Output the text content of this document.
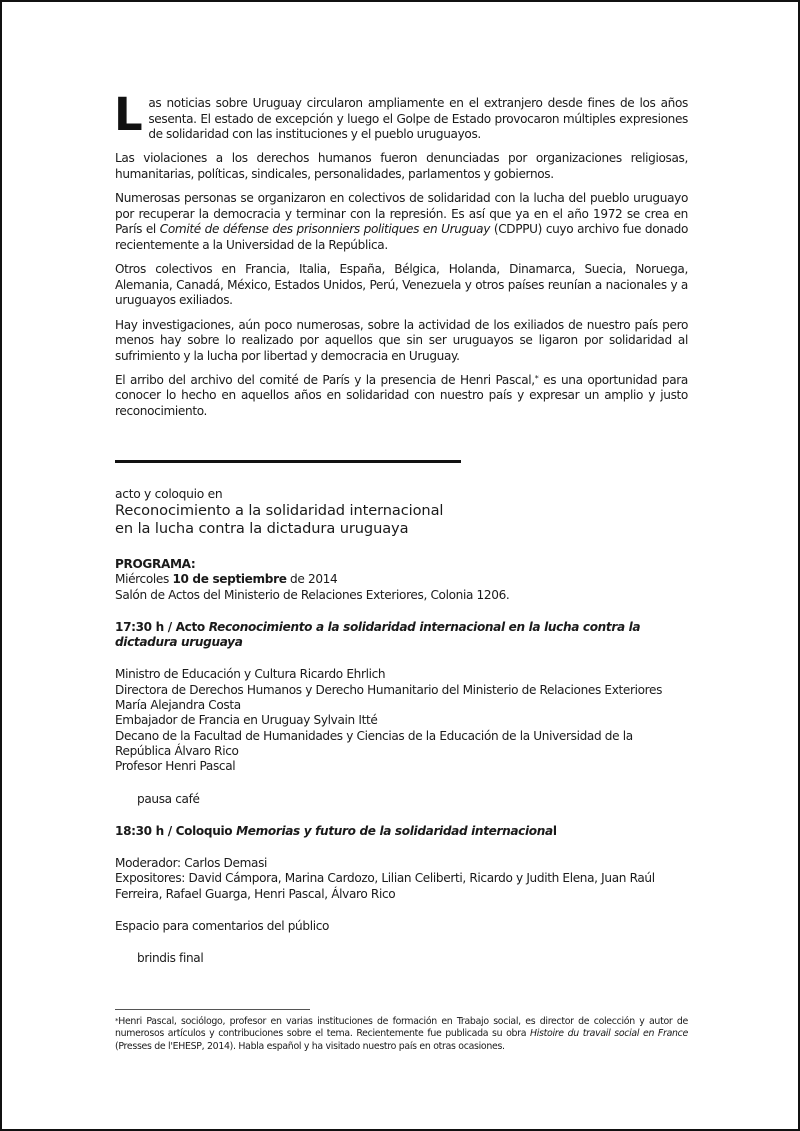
Las noticias sobre Uruguay circularon ampliamente en el extranjero desde fines de los años sesenta. El estado de excepción y luego el Golpe de Estado provocaron múltiples expresiones de solidaridad con las instituciones y el pueblo uruguayos.

Las violaciones a los derechos humanos fueron denunciadas por organizaciones religiosas, humanitarias, políticas, sindicales, personalidades, parlamentos y gobiernos.

Numerosas personas se organizaron en colectivos de solidaridad con la lucha del pueblo uruguayo por recuperar la democracia y terminar con la represión. Es así que ya en el año 1972 se crea en París el Comité de défense des prisonniers politiques en Uruguay (CDPPU) cuyo archivo fue donado recientemente a la Universidad de la República.

Otros colectivos en Francia, Italia, España, Bélgica, Holanda, Dinamarca, Suecia, Noruega, Alemania, Canadá, México, Estados Unidos, Perú, Venezuela y otros países reunían a nacionales y a uruguayos exiliados.

Hay investigaciones, aún poco numerosas, sobre la actividad de los exiliados de nuestro país pero menos hay sobre lo realizado por aquellos que sin ser uruguayos se ligaron por solidaridad al sufrimiento y la lucha por libertad y democracia en Uruguay.

El arribo del archivo del comité de París y la presencia de Henri Pascal,* es una oportunidad para conocer lo hecho en aquellos años en solidaridad con nuestro país y expresar un amplio y justo reconocimiento.

acto y coloquio en
Reconocimiento a la solidaridad internacional
en la lucha contra la dictadura uruguaya
PROGRAMA:
Miércoles 10 de septiembre de 2014
Salón de Actos del Ministerio de Relaciones Exteriores, Colonia 1206.
17:30 h / Acto Reconocimiento a la solidaridad internacional en la lucha contra la dictadura uruguaya
Ministro de Educación y Cultura Ricardo Ehrlich
Directora de Derechos Humanos y Derecho Humanitario del Ministerio de Relaciones Exteriores María Alejandra Costa
Embajador de Francia en Uruguay Sylvain Itté
Decano de la Facultad de Humanidades y Ciencias de la Educación de la Universidad de la República Álvaro Rico
Profesor Henri Pascal
pausa café
18:30 h / Coloquio Memorias y futuro de la solidaridad internacional
Moderador: Carlos Demasi
Expositores: David Cámpora, Marina Cardozo, Lilian Celiberti, Ricardo y Judith Elena, Juan Raúl Ferreira, Rafael Guarga, Henri Pascal, Álvaro Rico
Espacio para comentarios del público
brindis final
*Henri Pascal, sociólogo, profesor en varias instituciones de formación en Trabajo social, es director de colección y autor de numerosos artículos y contribuciones sobre el tema. Recientemente fue publicada su obra Histoire du travail social en France (Presses de l'EHESP, 2014). Habla español y ha visitado nuestro país en otras ocasiones.
